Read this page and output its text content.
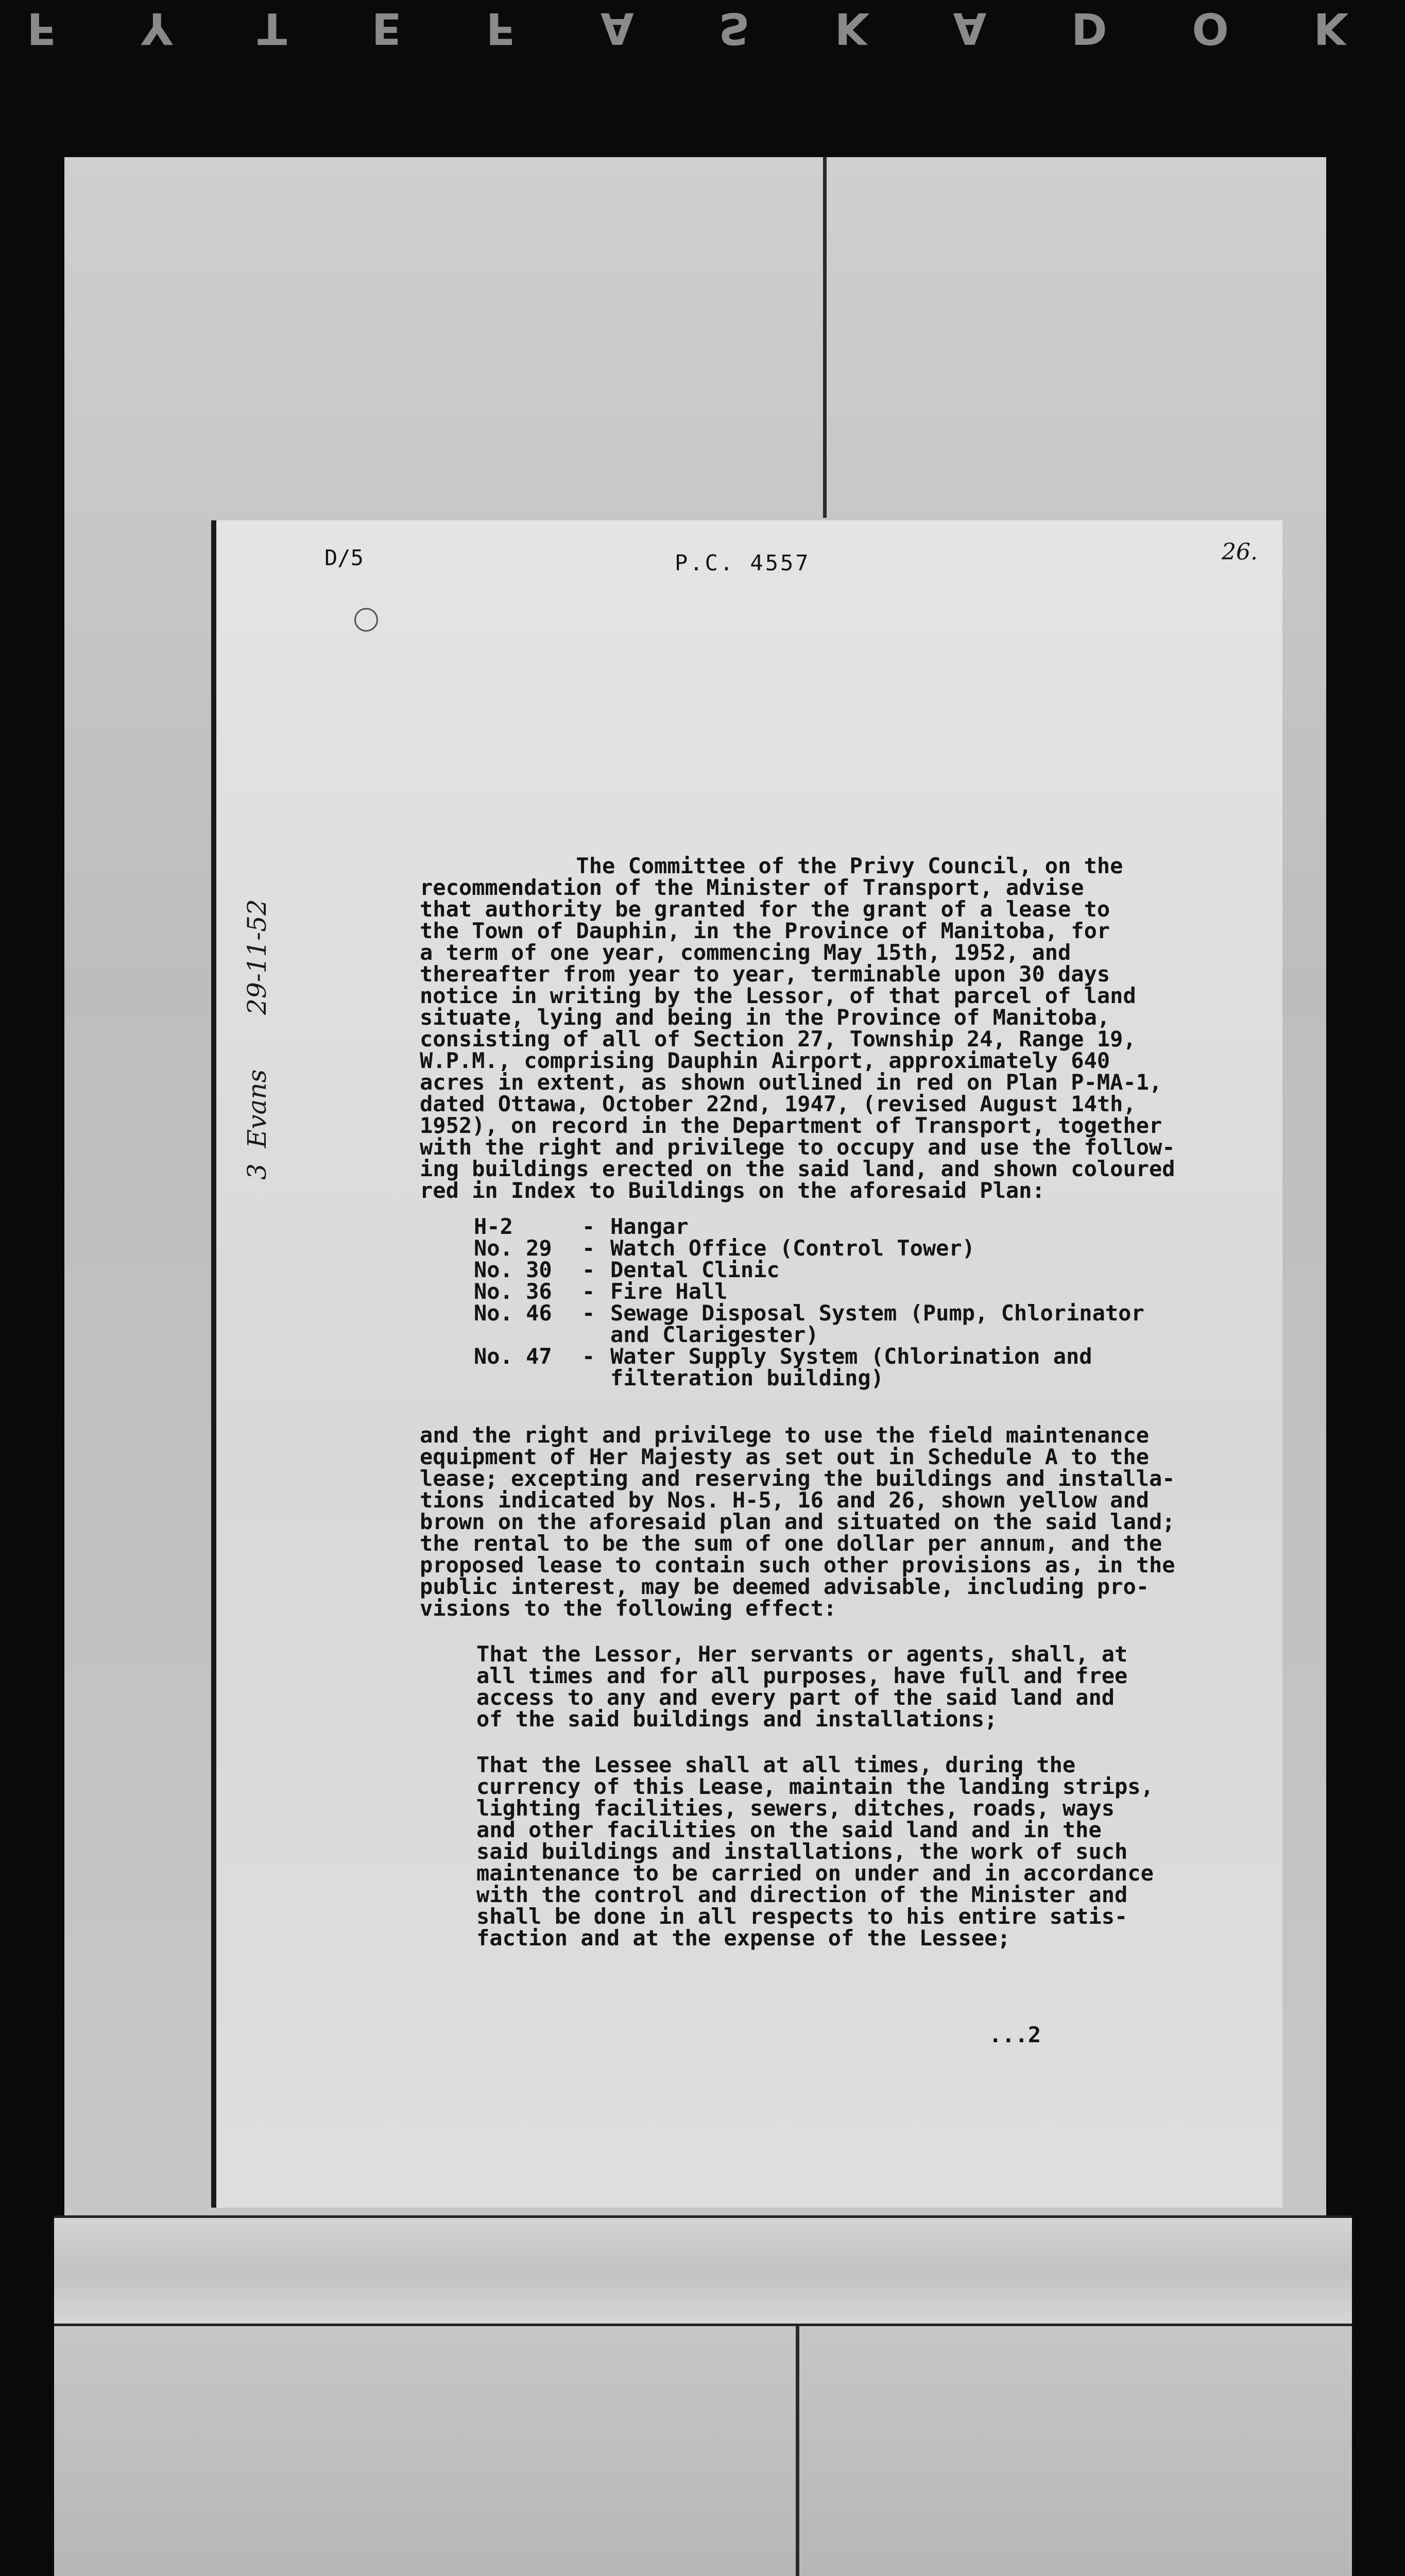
F Y T E F A S K A D O K
D/5	P.C. 4557	26.
3Evans 29-11-52
The Committee of the Privy Council, on the
recommendation of the Minister of Transport, advise
that authority be granted for the grant of a lease to
the Town of Dauphin, in the Province of Manitoba, for
a term of one year, commencing May 15th, 1952, and
thereafter from year to year, terminable upon 30 days
notice in writing by the Lessor, of that parcel of land
situate, lying and being in the Province of Manitoba,
consisting of all of Section 27, Township 24, Range 19,
W.P.M., comprising Dauphin Airport, approximately 640
acres in extent, as shown outlined in red on Plan P-MA-1,
dated Ottawa, October 22nd, 1947, (revised August 14th,
1952), on record in the Department of Transport, together
with the right and privilege to occupy and use the follow-
ing buildings erected on the said land, and shown coloured
red in Index to Buildings on the aforesaid Plan:
H-2	- Hangar
No. 29	- Watch Office (Control Tower)
No. 30	- Dental Clinic
No. 36	- Fire Hall
No. 46	- Sewage Disposal System (Pump, Chlorinator
and Clarigester)
No. 47	- Water Supply System (Chlorination and
filteration building)
and the right and privilege to use the field maintenance
equipment of Her Majesty as set out in Schedule A to the
lease; excepting and reserving the buildings and installa-
tions indicated by Nos. H-5, 16 and 26, shown yellow and
brown on the aforesaid plan and situated on the said land;
the rental to be the sum of one dollar per annum, and the
proposed lease to contain such other provisions as, in the
public interest, may be deemed advisable, including pro-
visions to the following effect:
That the Lessor, Her servants or agents, shall, at
all times and for all purposes, have full and free
access to any and every part of the said land and
of the said buildings and installations;
That the Lessee shall at all times, during the
currency of this Lease, maintain the landing strips,
lighting facilities, sewers, ditches, roads, ways
and other facilities on the said land and in the
said buildings and installations, the work of such
maintenance to be carried on under and in accordance
with the control and direction of the Minister and
shall be done in all respects to his entire satis-
faction and at the expense of the Lessee;
...2
